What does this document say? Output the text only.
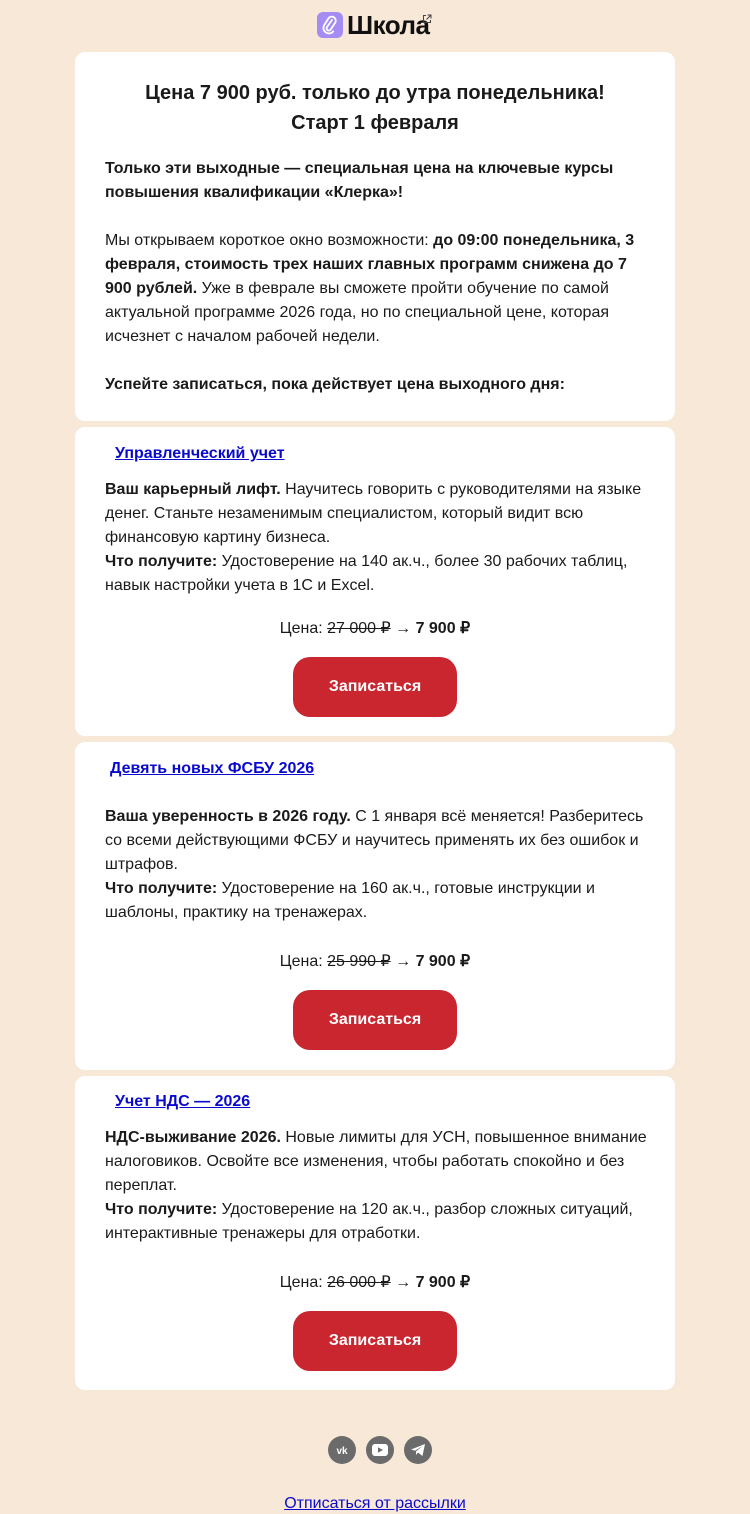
Школа
Цена 7 900 руб. только до утра понедельника!
Старт 1 февраля
Только эти выходные — специальная цена на ключевые курсы повышения квалификации «Клерка»!
Мы открываем короткое окно возможности: до 09:00 понедельника, 3 февраля, стоимость трех наших главных программ снижена до 7 900 рублей. Уже в феврале вы сможете пройти обучение по самой актуальной программе 2026 года, но по специальной цене, которая исчезнет с началом рабочей недели.
Успейте записаться, пока действует цена выходного дня:
Управленческий учет
Ваш карьерный лифт. Научитесь говорить с руководителями на языке денег. Станьте незаменимым специалистом, который видит всю финансовую картину бизнеса.
Что получите: Удостоверение на 140 ак.ч., более 30 рабочих таблиц, навык настройки учета в 1С и Excel.
Цена: 27 000 ₽ → 7 900 ₽
Записаться
Девять новых ФСБУ 2026
Ваша уверенность в 2026 году. С 1 января всё меняется! Разберитесь со всеми действующими ФСБУ и научитесь применять их без ошибок и штрафов.
Что получите: Удостоверение на 160 ак.ч., готовые инструкции и шаблоны, практику на тренажерах.
Цена: 25 990 ₽ → 7 900 ₽
Записаться
Учет НДС — 2026
НДС-выживание 2026. Новые лимиты для УСН, повышенное внимание налоговиков. Освойте все изменения, чтобы работать спокойно и без переплат.
Что получите: Удостоверение на 120 ак.ч., разбор сложных ситуаций, интерактивные тренажеры для отработки.
Цена: 26 000 ₽ → 7 900 ₽
Записаться
vk
Отписаться от рассылки
